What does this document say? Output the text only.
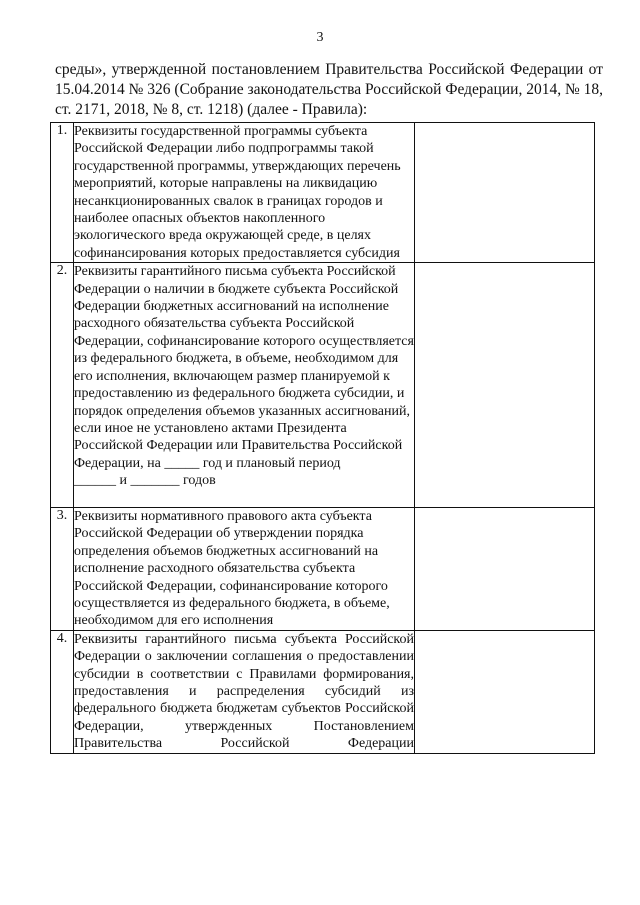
3
среды», утвержденной постановлением Правительства Российской Федерации от 15.04.2014 № 326 (Собрание законодательства Российской Федерации, 2014, № 18, ст. 2171, 2018, № 8, ст. 1218) (далее - Правила):
1.	Реквизиты государственной программы субъекта Российской Федерации либо подпрограммы такой государственной программы, утверждающих перечень мероприятий, которые направлены на ликвидацию несанкционированных свалок в границах городов и наиболее опасных объектов накопленного экологического вреда окружающей среде, в целях софинансирования которых предоставляется субсидия	
2.	Реквизиты гарантийного письма субъекта Российской Федерации о наличии в бюджете субъекта Российской Федерации бюджетных ассигнований на исполнение расходного обязательства субъекта Российской Федерации, софинансирование которого осуществляется из федерального бюджета, в объеме, необходимом для его исполнения, включающем размер планируемой к предоставлению из федерального бюджета субсидии, и порядок определения объемов указанных ассигнований, если иное не установлено актами Президента Российской Федерации или Правительства Российской Федерации, на _____ год и плановый период
______ и _______ годов

3.	Реквизиты нормативного правового акта субъекта Российской Федерации об утверждении порядка определения объемов бюджетных ассигнований на исполнение расходного обязательства субъекта Российской Федерации, софинансирование которого осуществляется из федерального бюджета, в объеме, необходимом для его исполнения	
4.	Реквизиты гарантийного письма субъекта Российской Федерации о заключении соглашения о предоставлении субсидии в соответствии с Правилами формирования, предоставления и распределения субсидий из федерального бюджета бюджетам субъектов Российской Федерации, утвержденных Постановлением Правительства Российской Федерации	
